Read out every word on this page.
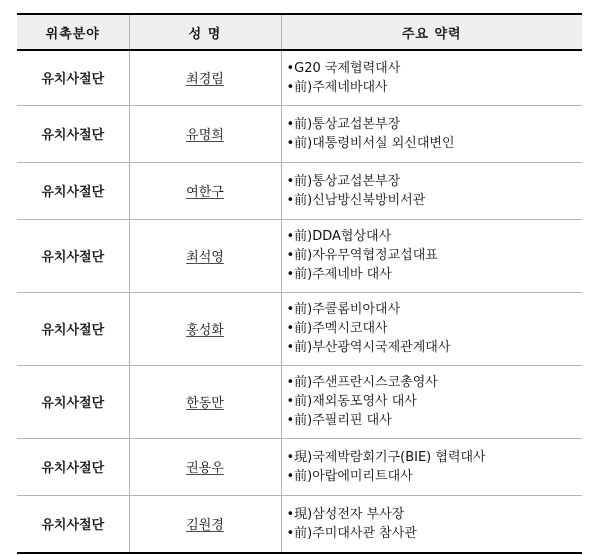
위촉분야	성 명	주요 약력
유치사절단	최경림	•G20 국제협력대사
•前)주제네바대사

유치사절단	유명희	•前)통상교섭본부장
•前)대통령비서실 외신대변인

유치사절단	여한구	•前)통상교섭본부장
•前)신남방신북방비서관

유치사절단	최석영	•前)DDA협상대사
•前)자유무역협정교섭대표
•前)주제네바 대사

유치사절단	홍성화	•前)주콜롬비아대사
•前)주멕시코대사
•前)부산광역시국제관계대사

유치사절단	한동만	•前)주샌프란시스코총영사
•前)재외동포영사 대사
•前)주필리핀 대사

유치사절단	권용우	•現)국제박람회기구(BIE) 협력대사
•前)아랍에미리트대사

유치사절단	김원경	•現)삼성전자 부사장
•前)주미대사관 참사관
